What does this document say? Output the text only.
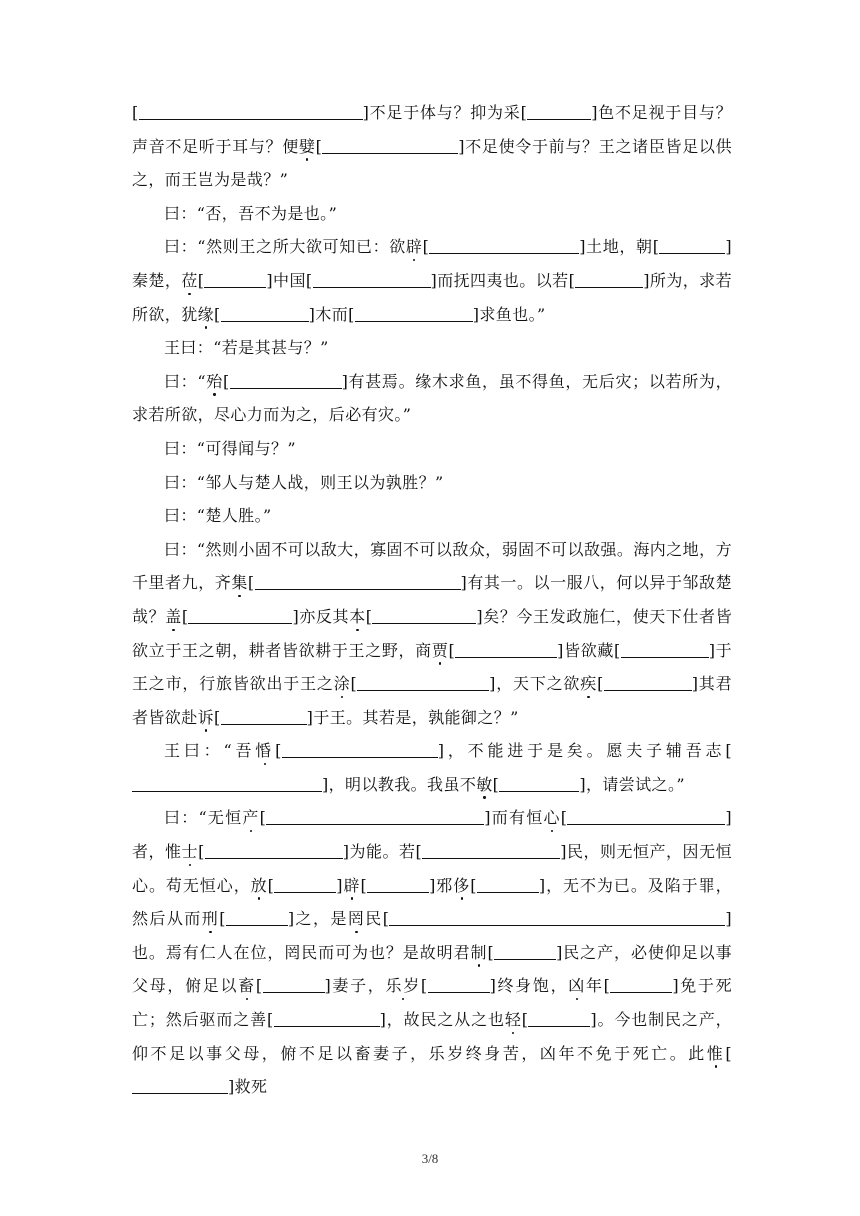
[	]不足于体与？抑为采[	]色不足视于目与？声音不足听于耳与？便嬖[	]不足使令于前与？王之诸臣皆足以供之，而王岂为是哉？”

曰：“否，吾不为是也。”

曰：“然则王之所大欲可知已：欲辟[	]土地，朝[	]秦楚，莅[	]中国[	]而抚四夷也。以若[	]所为，求若所欲，犹缘[	]木而[	]求鱼也。”

王曰：“若是其甚与？”

曰：“殆[	]有甚焉。缘木求鱼，虽不得鱼，无后灾；以若所为，求若所欲，尽心力而为之，后必有灾。”

曰：“可得闻与？”

曰：“邹人与楚人战，则王以为孰胜？”

曰：“楚人胜。”

曰：“然则小固不可以敌大，寡固不可以敌众，弱固不可以敌强。海内之地，方千里者九，齐集[	]有其一。以一服八，何以异于邹敌楚哉？盖[	]亦反其本[	]矣？今王发政施仁，使天下仕者皆欲立于王之朝，耕者皆欲耕于王之野，商贾[	]皆欲藏[	]于王之市，行旅皆欲出于王之涂[	]，天下之欲疾[	]其君者皆欲赴诉[	]于王。其若是，孰能御之？”

王曰：“吾惛[	]，不能进于是矣。愿夫子辅吾志[]，明以教我。我虽不敏[	]，请尝试之。”

曰：“无恒产[	]而有恒心[	]者，惟士[	]为能。若[	]民，则无恒产，因无恒心。苟无恒心，放[	]辟[	]邪侈[	]，无不为已。及陷于罪，然后从而刑[	]之，是罔民[	]也。焉有仁人在位，罔民而可为也？是故明君制[	]民之产，必使仰足以事父母，俯足以畜[	]妻子，乐岁[	]终身饱，凶年[	]免于死亡；然后驱而之善[	]，故民之从之也轻[	]。今也制民之产，仰不足以事父母，俯不足以畜妻子，乐岁终身苦，凶年不免于死亡。此惟[]救死

3/8
